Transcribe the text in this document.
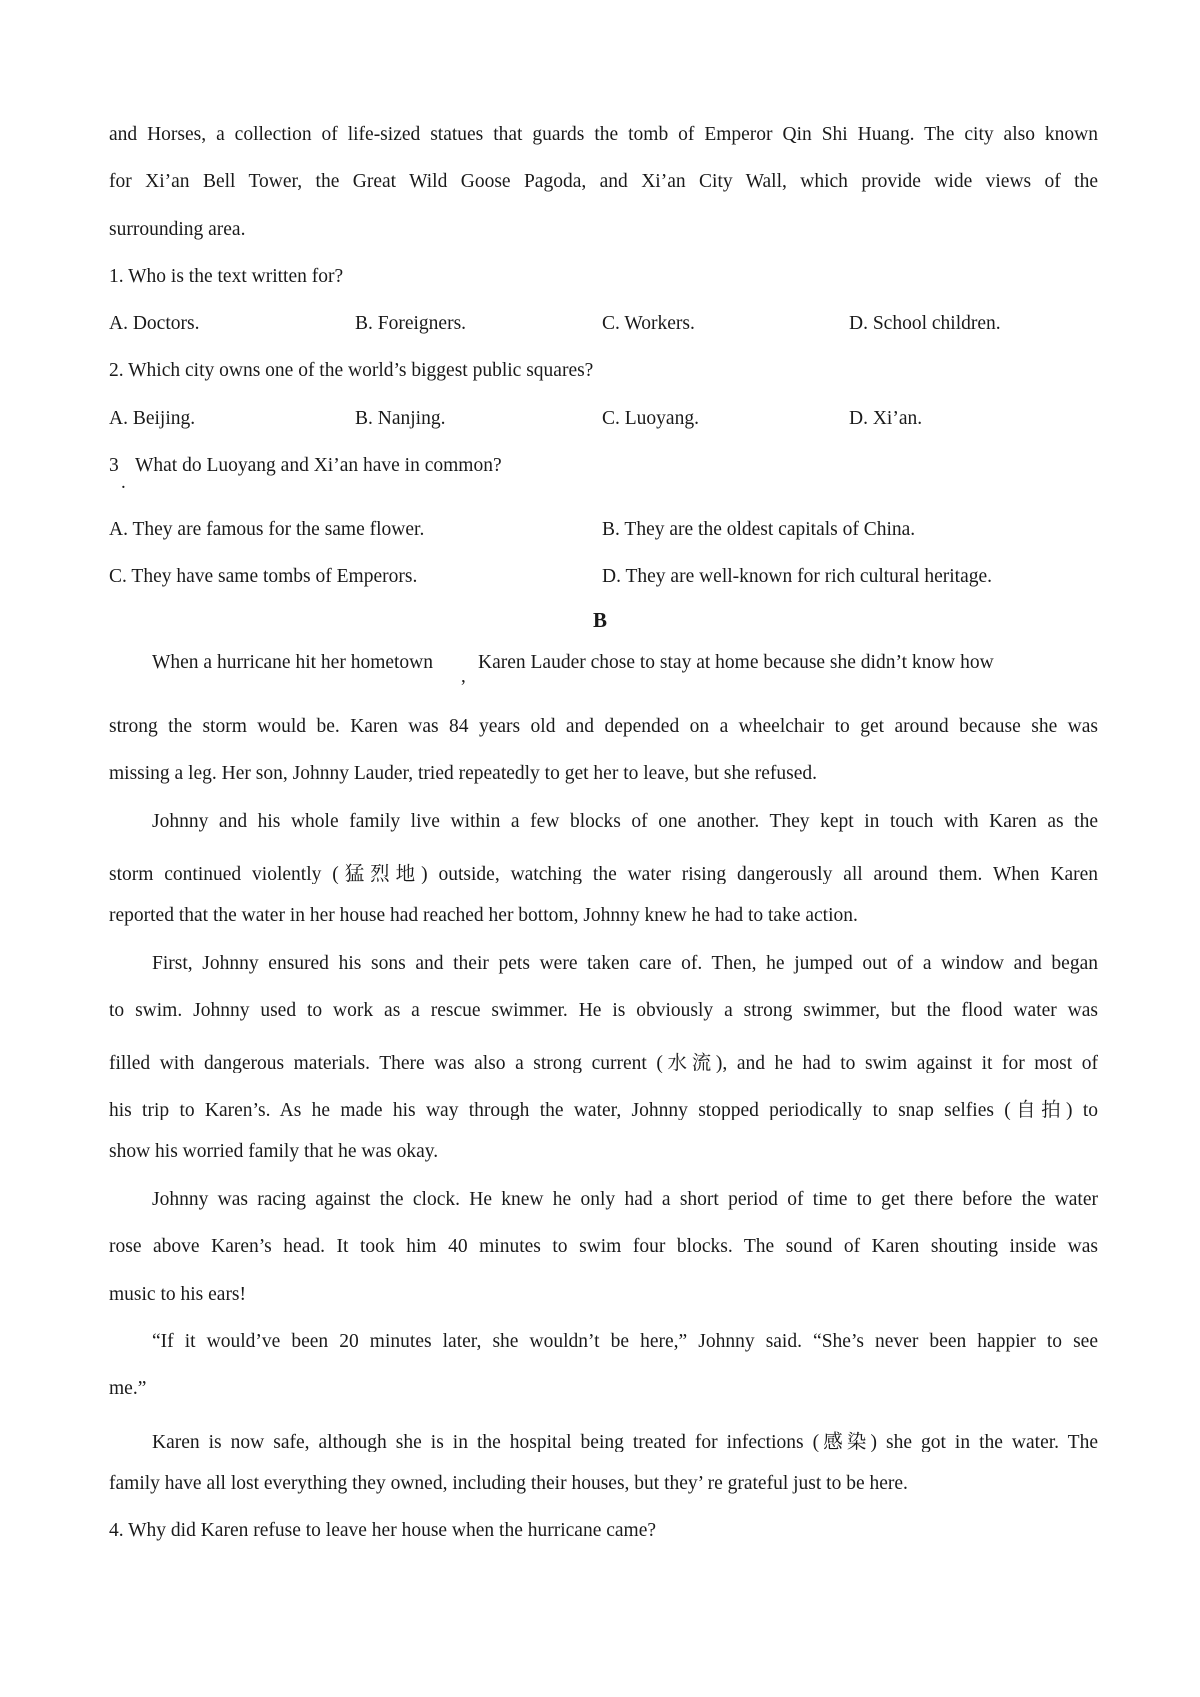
and Horses, a collection of life-sized statues that guards the tomb of Emperor Qin Shi Huang. The city also known
for Xi’an Bell Tower, the Great Wild Goose Pagoda, and Xi’an City Wall, which provide wide views of the
surrounding area.
1. Who is the text written for?
A. Doctors.	B. Foreigners.	C. Workers.	D. School children.
2. Which city owns one of the world’s biggest public squares?
A. Beijing.	B. Nanjing.	C. Luoyang.	D. Xi’an.
3
.
What do Luoyang and Xi’an have in common?
A. They are famous for the same flower.	B. They are the oldest capitals of China.
C. They have same tombs of Emperors.	D. They are well-known for rich cultural heritage.
B
When a hurricane hit her hometown
,
Karen Lauder chose to stay at home because she didn’t know how
strong the storm would be. Karen was 84 years old and depended on a wheelchair to get around because she was
missing a leg. Her son, Johnny Lauder, tried repeatedly to get her to leave, but she refused.
Johnny and his whole family live within a few blocks of one another. They kept in touch with Karen as the
storm continued violently (猛烈地) outside, watching the water rising dangerously all around them. When Karen
reported that the water in her house had reached her bottom, Johnny knew he had to take action.
First, Johnny ensured his sons and their pets were taken care of. Then, he jumped out of a window and began
to swim. Johnny used to work as a rescue swimmer. He is obviously a strong swimmer, but the flood water was
filled with dangerous materials. There was also a strong current (水流), and he had to swim against it for most of
his trip to Karen’s. As he made his way through the water, Johnny stopped periodically to snap selfies (自拍) to
show his worried family that he was okay.
Johnny was racing against the clock. He knew he only had a short period of time to get there before the water
rose above Karen’s head. It took him 40 minutes to swim four blocks. The sound of Karen shouting inside was
music to his ears!
“If it would’ve been 20 minutes later, she wouldn’t be here,” Johnny said. “She’s never been happier to see
me.”
Karen is now safe, although she is in the hospital being treated for infections (感染) she got in the water. The
family have all lost everything they owned, including their houses, but they’ re grateful just to be here.
4. Why did Karen refuse to leave her house when the hurricane came?
